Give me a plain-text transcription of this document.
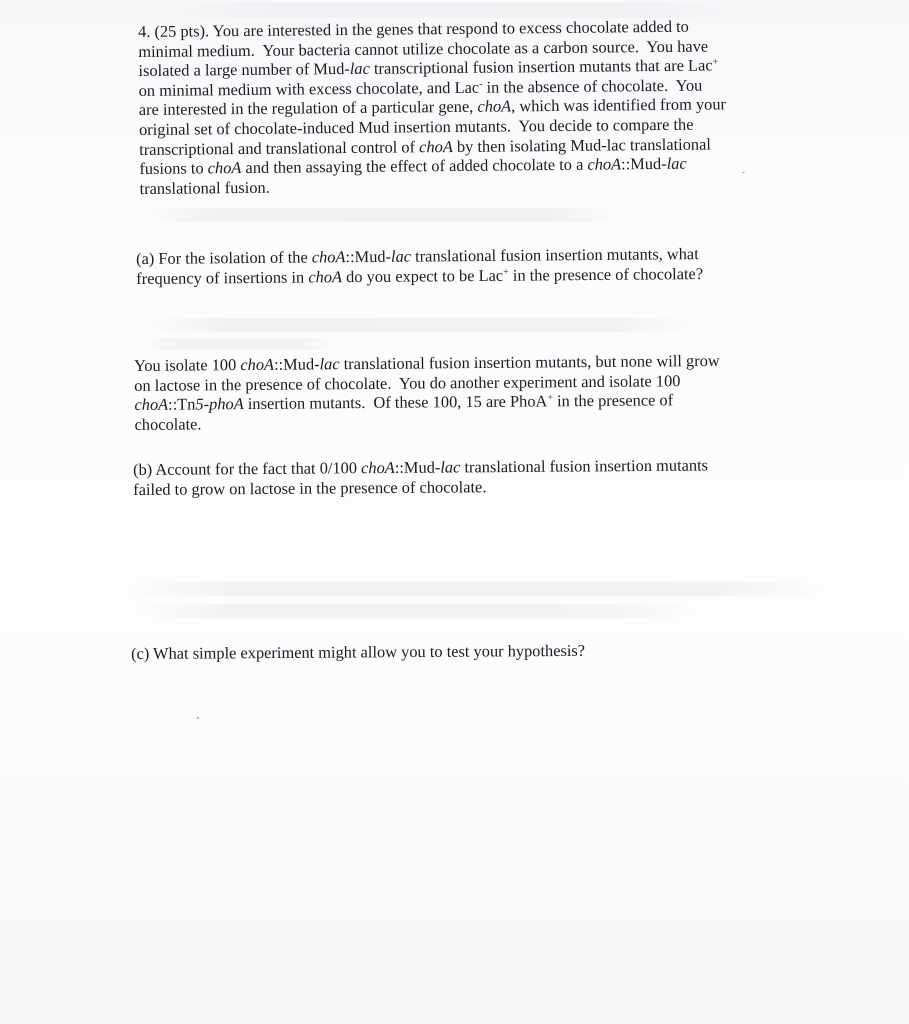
4. (25 pts). You are interested in the genes that respond to excess chocolate added to
minimal medium.  Your bacteria cannot utilize chocolate as a carbon source.  You have
isolated a large number of Mud-lac transcriptional fusion insertion mutants that are Lac+
on minimal medium with excess chocolate, and Lac- in the absence of chocolate.  You
are interested in the regulation of a particular gene, choA, which was identified from your
original set of chocolate-induced Mud insertion mutants.  You decide to compare the
transcriptional and translational control of choA by then isolating Mud-lac translational
fusions to choA and then assaying the effect of added chocolate to a choA::Mud-lac
translational fusion.
(a) For the isolation of the choA::Mud-lac translational fusion insertion mutants, what
frequency of insertions in choA do you expect to be Lac+ in the presence of chocolate?
You isolate 100 choA::Mud-lac translational fusion insertion mutants, but none will grow
on lactose in the presence of chocolate.  You do another experiment and isolate 100
choA::Tn5-phoA insertion mutants.  Of these 100, 15 are PhoA+ in the presence of
chocolate.
(b) Account for the fact that 0/100 choA::Mud-lac translational fusion insertion mutants
failed to grow on lactose in the presence of chocolate.
(c) What simple experiment might allow you to test your hypothesis?
